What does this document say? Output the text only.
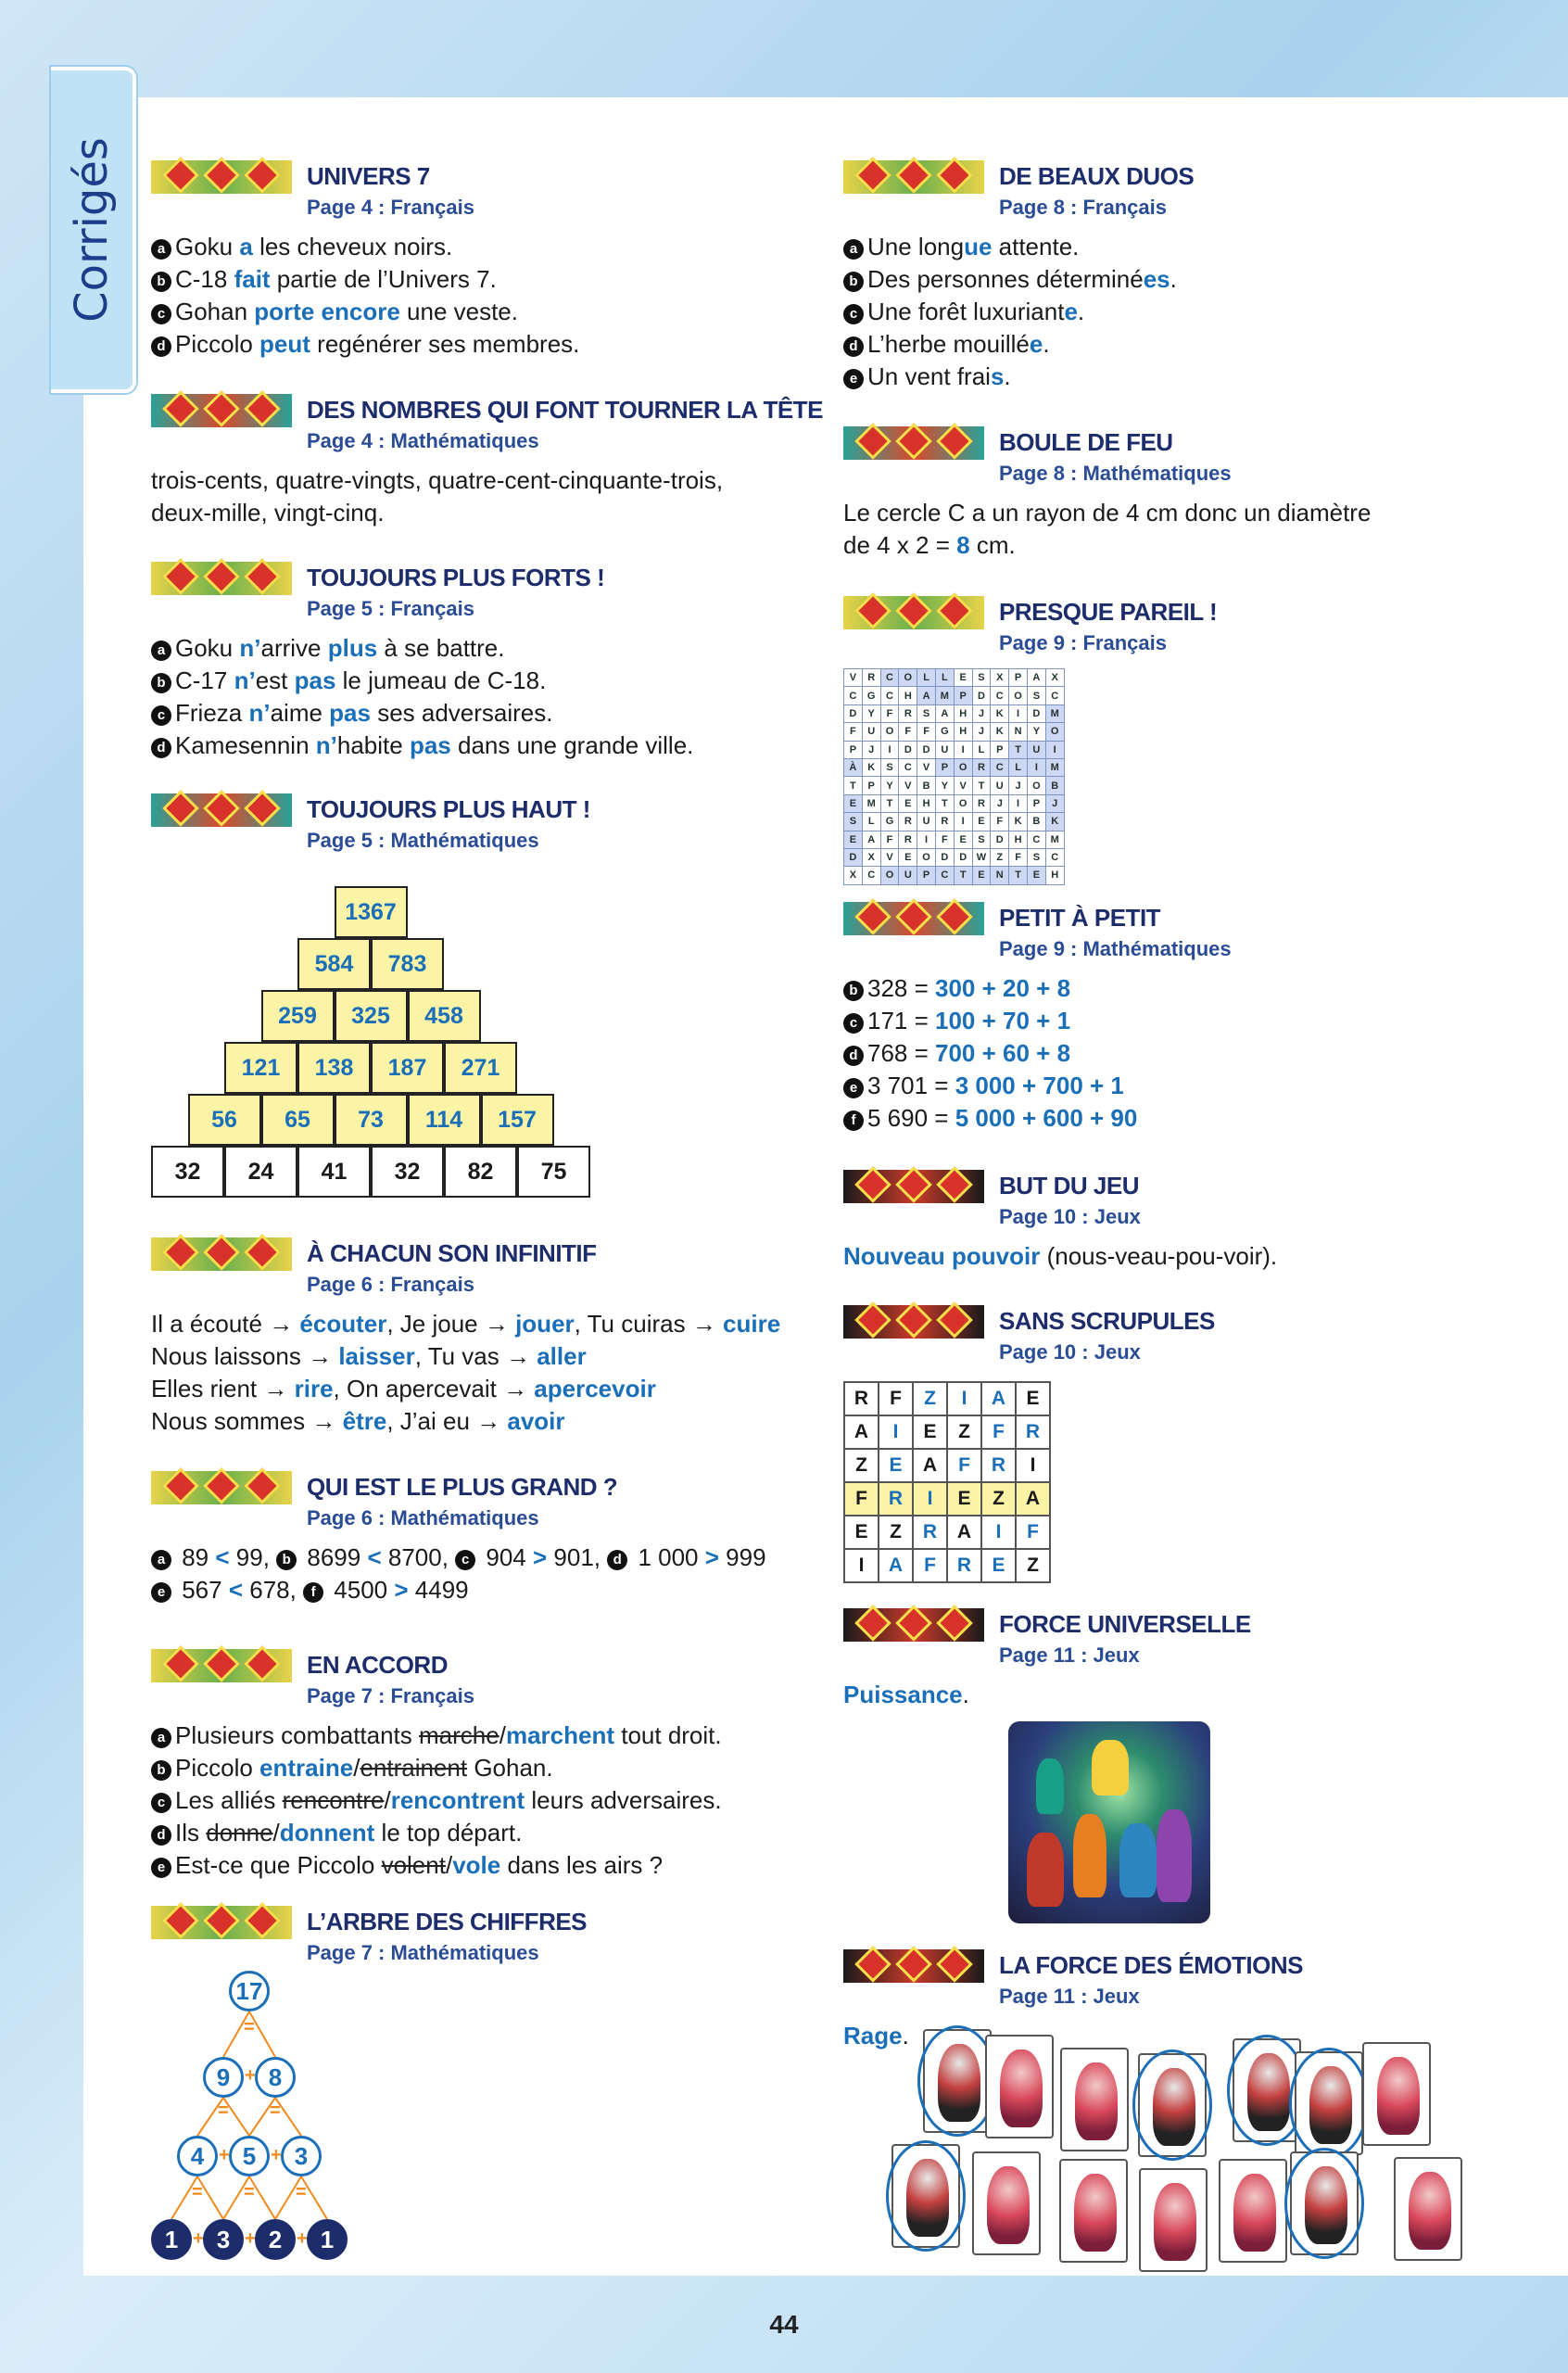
Corrigés	UNIVERS 7
Page 4 : Français
a Goku a les cheveux noirs.
b C-18 fait partie de l’Univers 7.
c Gohan porte encore une veste.
d Piccolo peut regénérer ses membres.
DES NOMBRES QUI FONT TOURNER LA TÊTE
Page 4 : Mathématiques
trois-cents, quatre-vingts, quatre-cent-cinquante-trois,
deux-mille, vingt-cinq.
TOUJOURS PLUS FORTS !
Page 5 : Français
a Goku n’arrive plus à se battre.
b C-17 n’est pas le jumeau de C-18.
c Frieza n’aime pas ses adversaires.
d Kamesennin n’habite pas dans une grande ville.
TOUJOURS PLUS HAUT !
Page 5 : Mathématiques
1367
584	783
259	325	458
121	138	187	271
56	65	73	114	157
32	24	41	32	82	75
À CHACUN SON INFINITIF
Page 6 : Français
Il a écouté → écouter, Je joue → jouer, Tu cuiras → cuire
Nous laissons → laisser, Tu vas → aller
Elles rient → rire, On apercevait → apercevoir
Nous sommes → être, J’ai eu → avoir
QUI EST LE PLUS GRAND ?
Page 6 : Mathématiques
a 89 < 99, b 8699 < 8700, c 904 > 901, d 1 000 > 999
e 567 < 678, f 4500 > 4499
EN ACCORD
Page 7 : Français
a Plusieurs combattants marche/marchent tout droit.
b Piccolo entraine/entrainent Gohan.
c Les alliés rencontre/rencontrent leurs adversaires.
d Ils donne/donnent le top départ.
e Est-ce que Piccolo volent/vole dans les airs ?
L’ARBRE DES CHIFFRES
Page 7 : Mathématiques
17
9	8
4	5	3
1	3	2	1
=
+
= =
+ +
= = =
+ + +
DE BEAUX DUOS
Page 8 : Français
a Une longue attente.
b Des personnes déterminées.
c Une forêt luxuriante.
d L’herbe mouillée.
e Un vent frais.
BOULE DE FEU
Page 8 : Mathématiques
Le cercle C a un rayon de 4 cm donc un diamètre
de 4 x 2 = 8 cm.
PRESQUE PAREIL !
Page 9 : Français
V	R	C	O	L	L	E	S	X	P	A	X
C	G	C	H	A	M	P	D	C	O	S	C
D	Y	F	R	S	A	H	J	K	I	D	M
F	U	O	F	F	G	H	J	K	N	Y	O
P	J	I	D	D	U	I	L	P	T	U	I
À	K	S	C	V	P	O	R	C	L	I	M
T	P	Y	V	B	Y	V	T	U	J	O	B
E	M	T	E	H	T	O	R	J	I	P	J
S	L	G	R	U	R	I	E	F	K	B	K
E	A	F	R	I	F	E	S	D	H	C	M
D	X	V	E	O	D	D	W	Z	F	S	C
X	C	O	U	P	C	T	E	N	T	E	H
PETIT À PETIT
Page 9 : Mathématiques
b 328 = 300 + 20 + 8
c 171 = 100 + 70 + 1
d 768 = 700 + 60 + 8
e 3 701 = 3 000 + 700 + 1
f 5 690 = 5 000 + 600 + 90
BUT DU JEU
Page 10 : Jeux
Nouveau pouvoir (nous-veau-pou-voir).
SANS SCRUPULES
Page 10 : Jeux
R	F	Z	I	A	E
A	I	E	Z	F	R
Z	E	A	F	R	I
F	R	I	E	Z	A
E	Z	R	A	I	F
I	A	F	R	E	Z
FORCE UNIVERSELLE
Page 11 : Jeux
Puissance.
LA FORCE DES ÉMOTIONS
Page 11 : Jeux
Rage.
44
